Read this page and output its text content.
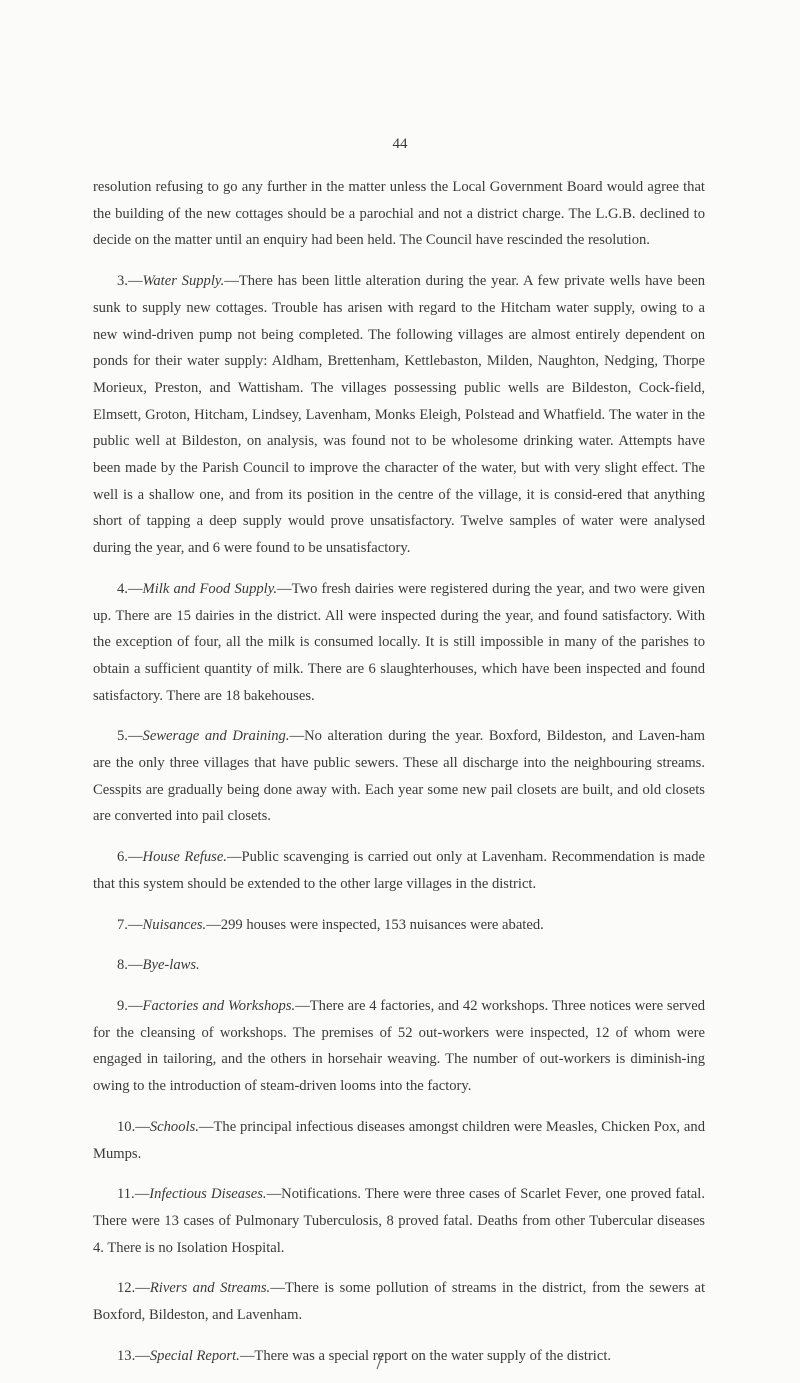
44

resolution refusing to go any further in the matter unless the Local Government Board would agree that the building of the new cottages should be a parochial and not a district charge. The L.G.B. declined to decide on the matter until an enquiry had been held. The Council have rescinded the resolution.

3.—Water Supply.—There has been little alteration during the year. A few private wells have been sunk to supply new cottages. Trouble has arisen with regard to the Hitcham water supply, owing to a new wind-driven pump not being completed. The following villages are almost entirely dependent on ponds for their water supply: Aldham, Brettenham, Kettlebaston, Milden, Naughton, Nedging, Thorpe Morieux, Preston, and Wattisham. The villages possessing public wells are Bildeston, Cock-field, Elmsett, Groton, Hitcham, Lindsey, Lavenham, Monks Eleigh, Polstead and Whatfield. The water in the public well at Bildeston, on analysis, was found not to be wholesome drinking water. Attempts have been made by the Parish Council to improve the character of the water, but with very slight effect. The well is a shallow one, and from its position in the centre of the village, it is consid-ered that anything short of tapping a deep supply would prove unsatisfactory. Twelve samples of water were analysed during the year, and 6 were found to be unsatisfactory.

4.—Milk and Food Supply.—Two fresh dairies were registered during the year, and two were given up. There are 15 dairies in the district. All were inspected during the year, and found satisfactory. With the exception of four, all the milk is consumed locally. It is still impossible in many of the parishes to obtain a sufficient quantity of milk. There are 6 slaughterhouses, which have been inspected and found satisfactory. There are 18 bakehouses.

5.—Sewerage and Draining.—No alteration during the year. Boxford, Bildeston, and Laven-ham are the only three villages that have public sewers. These all discharge into the neighbouring streams. Cesspits are gradually being done away with. Each year some new pail closets are built, and old closets are converted into pail closets.

6.—House Refuse.—Public scavenging is carried out only at Lavenham. Recommendation is made that this system should be extended to the other large villages in the district.

7.—Nuisances.—299 houses were inspected, 153 nuisances were abated.

8.—Bye-laws.

9.—Factories and Workshops.—There are 4 factories, and 42 workshops. Three notices were served for the cleansing of workshops. The premises of 52 out-workers were inspected, 12 of whom were engaged in tailoring, and the others in horsehair weaving. The number of out-workers is diminish-ing owing to the introduction of steam-driven looms into the factory.

10.—Schools.—The principal infectious diseases amongst children were Measles, Chicken Pox, and Mumps.

11.—Infectious Diseases.—Notifications. There were three cases of Scarlet Fever, one proved fatal. There were 13 cases of Pulmonary Tuberculosis, 8 proved fatal. Deaths from other Tubercular diseases 4. There is no Isolation Hospital.

12.—Rivers and Streams.—There is some pollution of streams in the district, from the sewers at Boxford, Bildeston, and Lavenham.

13.—Special Report.—There was a special report on the water supply of the district.
